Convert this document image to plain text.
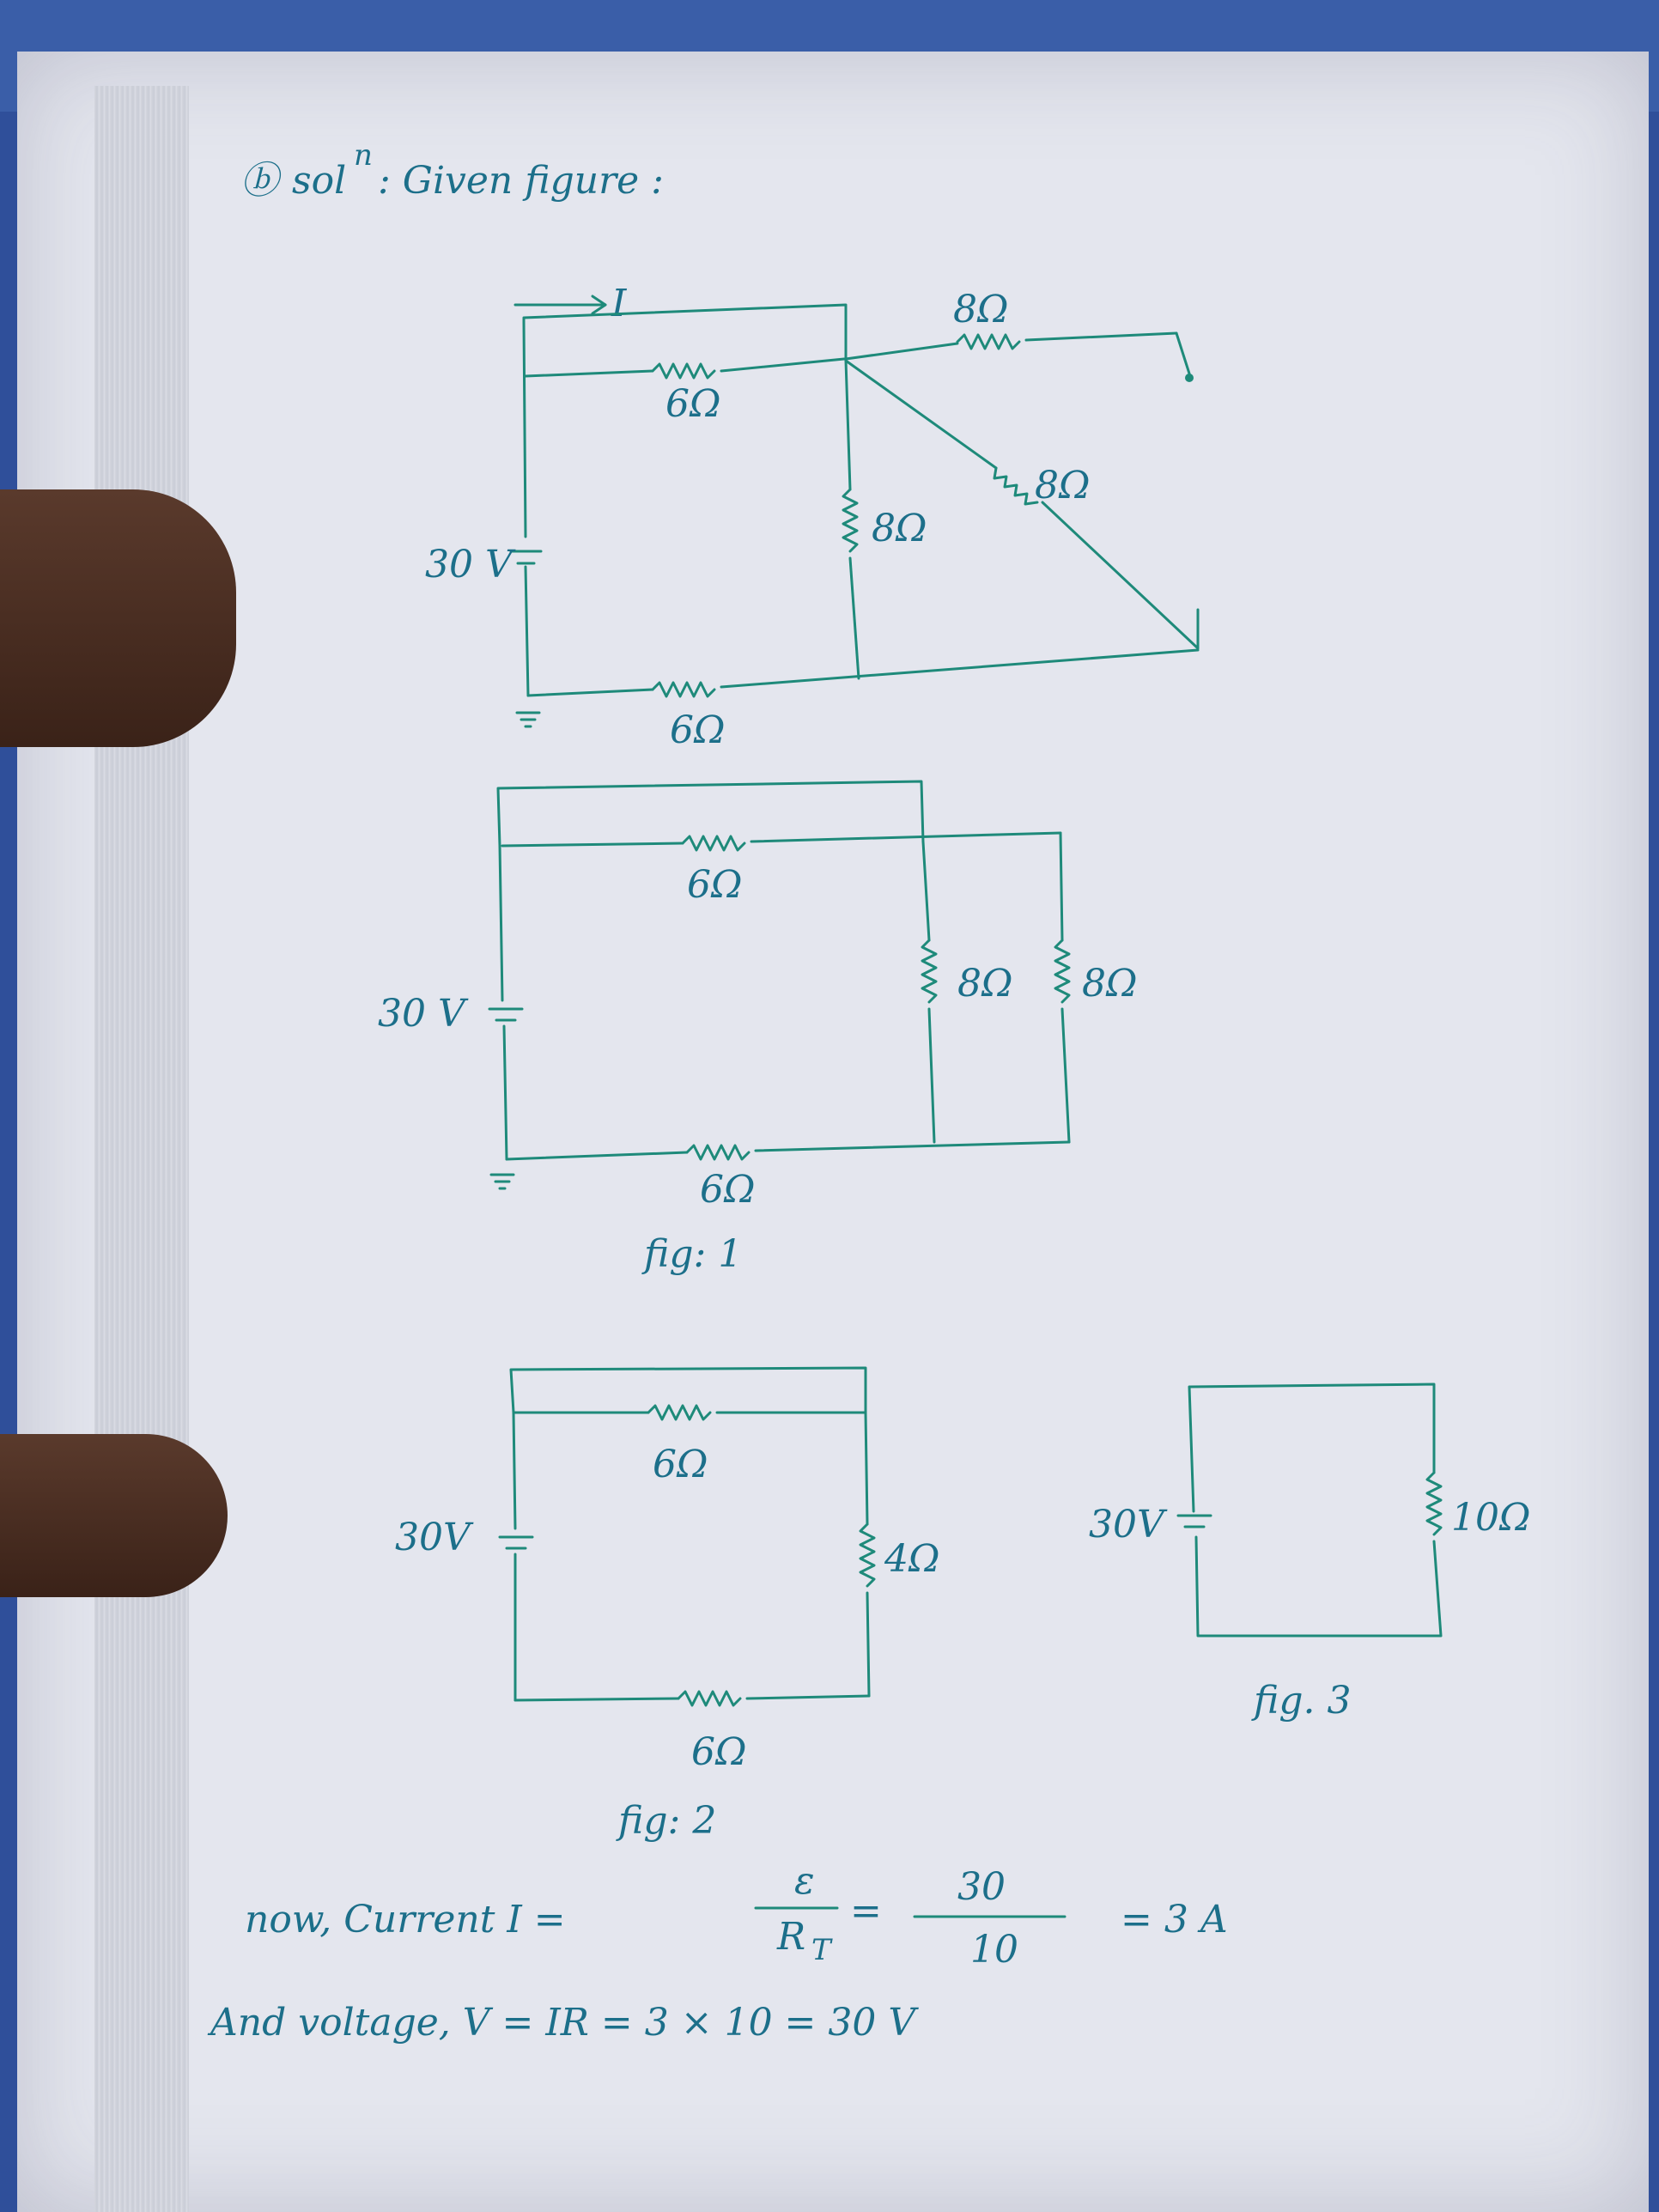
ⓑ sol
n
: Given figure :
I
30 V
6Ω
8Ω
8Ω
8Ω
6Ω
30 V
6Ω
8Ω 8Ω
6Ω
fig: 1
30V
6Ω
4Ω
6Ω
fig: 2
30V	10Ω
fig. 3
now, Current I =
ε
R T
=
30
10
= 3 A
And voltage, V = IR = 3 × 10 = 30 V
